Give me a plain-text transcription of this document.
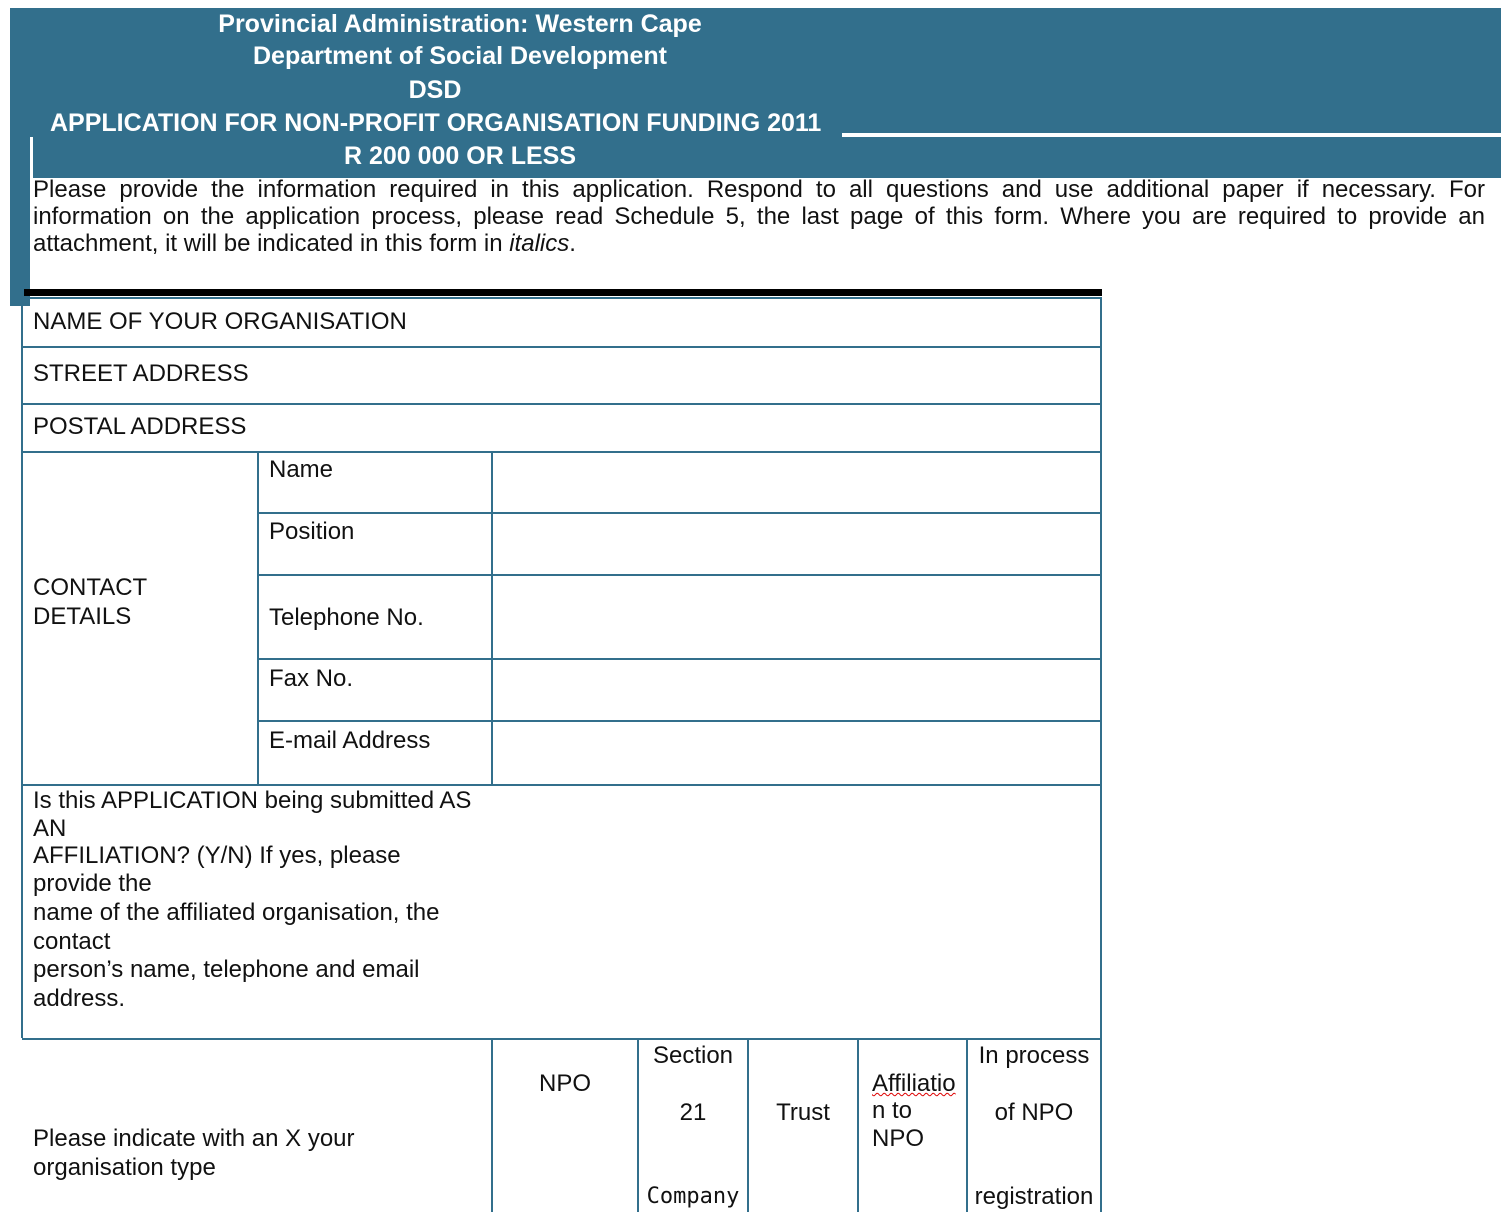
Provincial Administration: Western Cape
Department of Social Development
DSD
APPLICATION FOR NON-PROFIT ORGANISATION FUNDING 2011
R 200 000 OR LESS
Please provide the information required in this application. Respond to all questions and use additional paper if necessary. For information on the application process, please read Schedule 5, the last page of this form. Where you are required to provide an attachment, it will be indicated in this form in italics.
NAME OF YOUR ORGANISATION
STREET ADDRESS
POSTAL ADDRESS
CONTACT
DETAILS
Name
Position
Telephone No.
Fax No.
E-mail Address
Is this APPLICATION being submitted AS
AN
AFFILIATION? (Y/N) If yes, please
provide the
name of the affiliated organisation, the
contact
person’s name, telephone and email
address.
Please indicate with an X your
organisation type
NPO
Section
21
Company
Trust
Affiliatio
n to
NPO
In process
of NPO
registration
